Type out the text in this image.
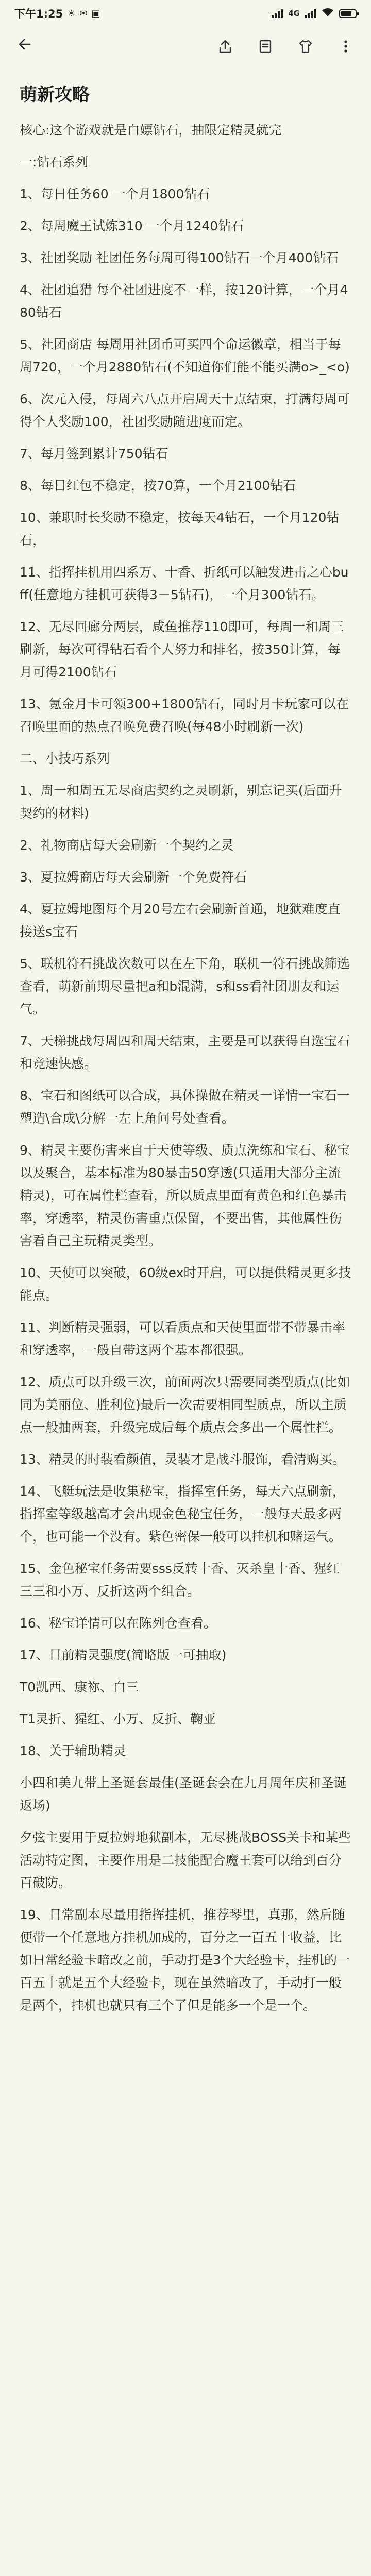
下午1:25 ☀ ✉ ▣	4G
萌新攻略
核心:这个游戏就是白嫖钻石，抽限定精灵就完
一:钻石系列
1、每日任务60 一个月1800钻石
2、每周魔王试炼310 一个月1240钻石
3、社团奖励 社团任务每周可得100钻石一个月400钻石
4、社团追猎 每个社团进度不一样，按120计算，一个月480钻石
5、社团商店 每周用社团币可买四个命运徽章，相当于每周720，一个月2880钻石(不知道你们能不能买满o>_<o)
6、次元入侵，每周六八点开启周天十点结束，打满每周可得个人奖励100，社团奖励随进度而定。
7、每月签到累计750钻石
8、每日红包不稳定，按70算，一个月2100钻石
10、兼职时长奖励不稳定，按每天4钻石，一个月120钻石，
11、指挥挂机用四系万、十香、折纸可以触发进击之心buff(任意地方挂机可获得3－5钻石)，一个月300钻石。
12、无尽回廊分两层，咸鱼推荐110即可，每周一和周三刷新，每次可得钻石看个人努力和排名，按350计算，每月可得2100钻石
13、氪金月卡可领300+1800钻石，同时月卡玩家可以在召唤里面的热点召唤免费召唤(每48小时刷新一次)
二、小技巧系列
1、周一和周五无尽商店契约之灵刷新，别忘记买(后面升契约的材料)
2、礼物商店每天会刷新一个契约之灵
3、夏拉姆商店每天会刷新一个免费符石
4、夏拉姆地图每个月20号左右会刷新首通，地狱难度直接送s宝石
5、联机符石挑战次数可以在左下角，联机一符石挑战筛选查看，萌新前期尽量把a和b混满，s和ss看社团朋友和运气。
7、天梯挑战每周四和周天结束，主要是可以获得自选宝石和竞速快感。
8、宝石和图纸可以合成，具体操做在精灵一详情一宝石一塑造\合成\分解一左上角问号处查看。
9、精灵主要伤害来自于天使等级、质点洗练和宝石、秘宝以及聚合，基本标准为80暴击50穿透(只适用大部分主流精灵)，可在属性栏查看，所以质点里面有黄色和红色暴击率，穿透率，精灵伤害重点保留，不要出售，其他属性伤害看自己主玩精灵类型。
10、天使可以突破，60级ex时开启，可以提供精灵更多技能点。
11、判断精灵强弱，可以看质点和天使里面带不带暴击率和穿透率，一般自带这两个基本都很强。
12、质点可以升级三次，前面两次只需要同类型质点(比如同为美丽位、胜利位)最后一次需要相同型质点，所以主质点一般抽两套，升级完成后每个质点会多出一个属性栏。
13、精灵的时装看颜值，灵装才是战斗服饰，看清购买。
14、飞艇玩法是收集秘宝，指挥室任务，每天六点刷新，指挥室等级越高才会出现金色秘宝任务，一般每天最多两个，也可能一个没有。紫色密保一般可以挂机和赌运气。
15、金色秘宝任务需要sss反转十香、灭杀皇十香、猩红三三和小万、反折这两个组合。
16、秘宝详情可以在陈列仓查看。
17、目前精灵强度(简略版一可抽取)
T0凯西、康祢、白三
T1灵折、猩红、小万、反折、鞠亚
18、关于辅助精灵
小四和美九带上圣诞套最佳(圣诞套会在九月周年庆和圣诞返场)
夕弦主要用于夏拉姆地狱副本，无尽挑战BOSS关卡和某些活动特定图，主要作用是二技能配合魔王套可以给到百分百破防。
19、日常副本尽量用指挥挂机，推荐琴里，真那，然后随便带一个任意地方挂机加成的，百分之一百五十收益，比如日常经验卡暗改之前，手动打是3个大经验卡，挂机的一百五十就是五个大经验卡，现在虽然暗改了，手动打一般是两个，挂机也就只有三个了但是能多一个是一个。
